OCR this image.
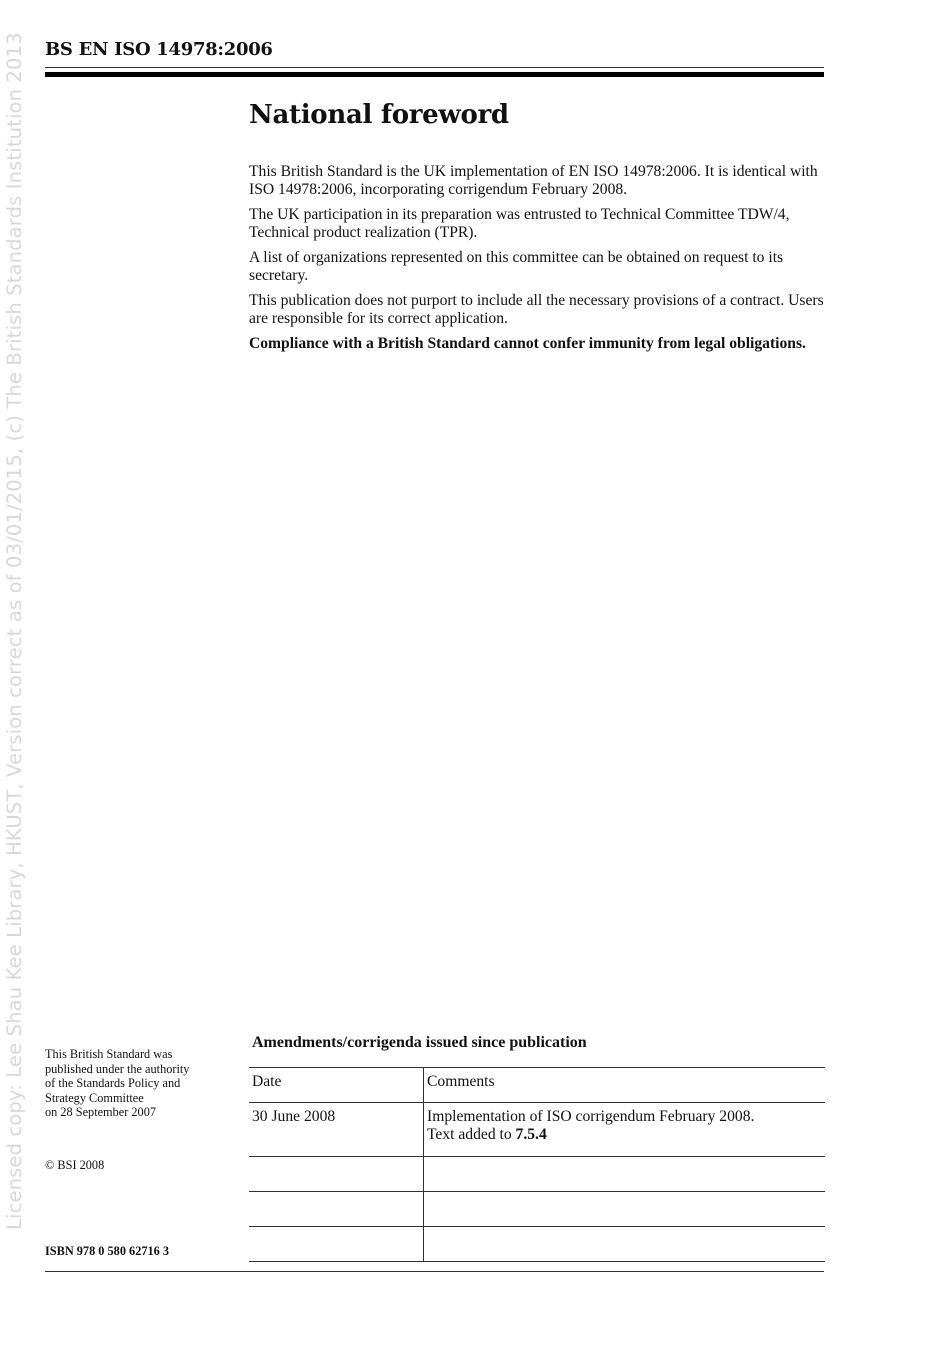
BS EN ISO 14978:2006
Licensed copy: Lee Shau Kee Library, HKUST, Version correct as of 03/01/2015, (c) The British Standards Institution 2013	National foreword

This British Standard is the UK implementation of EN ISO 14978:2006. It is identical with ISO 14978:2006, incorporating corrigendum February 2008.

The UK participation in its preparation was entrusted to Technical Committee TDW/4, Technical product realization (TPR).

A list of organizations represented on this committee can be obtained on request to its secretary.

This publication does not purport to include all the necessary provisions of a contract. Users are responsible for its correct application.

Compliance with a British Standard cannot confer immunity from legal obligations.

This British Standard was
published under the authority
of the Standards Policy and
Strategy Committee
on 28 September 2007
© BSI 2008
ISBN 978 0 580 62716 3
Amendments/corrigenda issued since publication
Date	Comments
30 June 2008	Implementation of ISO corrigendum February 2008.
Text added to 7.5.4
